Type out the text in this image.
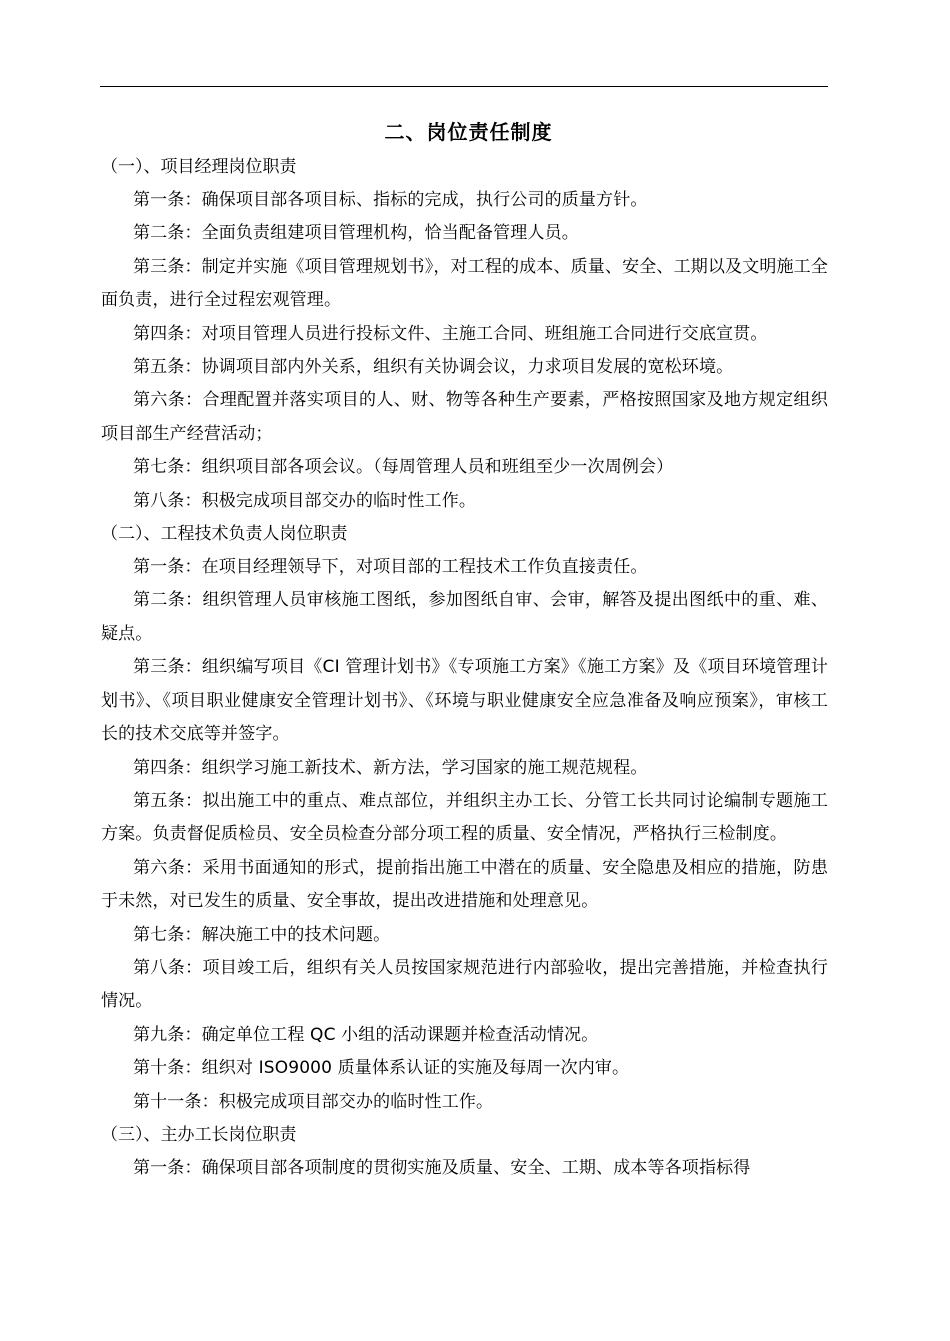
二、岗位责任制度

（一）、项目经理岗位职责

第一条：确保项目部各项目标、指标的完成，执行公司的质量方针。

第二条：全面负责组建项目管理机构，恰当配备管理人员。

第三条：制定并实施《项目管理规划书》，对工程的成本、质量、安全、工期以及文明施工全面负责，进行全过程宏观管理。

第四条：对项目管理人员进行投标文件、主施工合同、班组施工合同进行交底宣贯。

第五条：协调项目部内外关系，组织有关协调会议，力求项目发展的宽松环境。

第六条：合理配置并落实项目的人、财、物等各种生产要素，严格按照国家及地方规定组织项目部生产经营活动；

第七条：组织项目部各项会议。（每周管理人员和班组至少一次周例会）

第八条：积极完成项目部交办的临时性工作。

（二）、工程技术负责人岗位职责

第一条：在项目经理领导下，对项目部的工程技术工作负直接责任。

第二条：组织管理人员审核施工图纸，参加图纸自审、会审，解答及提出图纸中的重、难、疑点。

第三条：组织编写项目《CI 管理计划书》《专项施工方案》《施工方案》及《项目环境管理计划书》、《项目职业健康安全管理计划书》、《环境与职业健康安全应急准备及响应预案》，审核工长的技术交底等并签字。

第四条：组织学习施工新技术、新方法，学习国家的施工规范规程。

第五条：拟出施工中的重点、难点部位，并组织主办工长、分管工长共同讨论编制专题施工方案。负责督促质检员、安全员检查分部分项工程的质量、安全情况，严格执行三检制度。

第六条：采用书面通知的形式，提前指出施工中潜在的质量、安全隐患及相应的措施，防患于未然，对已发生的质量、安全事故，提出改进措施和处理意见。

第七条：解决施工中的技术问题。

第八条：项目竣工后，组织有关人员按国家规范进行内部验收，提出完善措施，并检查执行情况。

第九条：确定单位工程 QC 小组的活动课题并检查活动情况。

第十条：组织对 ISO9000 质量体系认证的实施及每周一次内审。

第十一条：积极完成项目部交办的临时性工作。

（三）、主办工长岗位职责

第一条：确保项目部各项制度的贯彻实施及质量、安全、工期、成本等各项指标得
